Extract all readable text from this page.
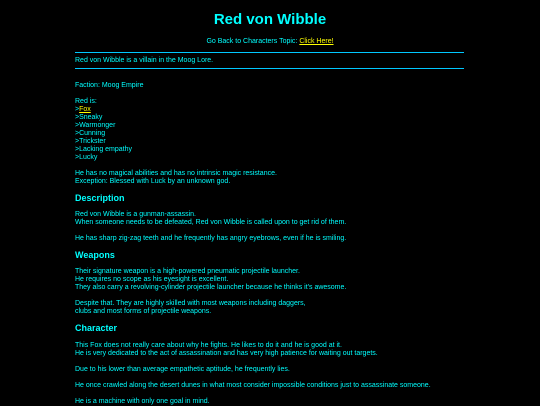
Red von Wibble
Go Back to Characters Topic: Click Here!
Red von Wibble is a villain in the Moog Lore.
Faction: Moog Empire
Red is:
>Fox
>Sneaky
>Warmonger
>Cunning
>Trickster
>Lacking empathy
>Lucky
He has no magical abilities and has no intrinsic magic resistance.
Exception: Blessed with Luck by an unknown god.
Description
Red von Wibble is a gunman-assassin.
When someone needs to be defeated, Red von Wibble is called upon to get rid of them.
He has sharp zig-zag teeth and he frequently has angry eyebrows, even if he is smiling.
Weapons
Their signature weapon is a high-powered pneumatic projectile launcher.
He requires no scope as his eyesight is excellent.
They also carry a revolving-cylinder projectile launcher because he thinks it's awesome.
Despite that. They are highly skilled with most weapons including daggers,
clubs and most forms of projectile weapons.
Character
This Fox does not really care about why he fights. He likes to do it and he is good at it.
He is very dedicated to the act of assassination and has very high patience for waiting out targets.
Due to his lower than average empathetic aptitude, he frequently lies.
He once crawled along the desert dunes in what most consider impossible conditions just to assassinate someone.
He is a machine with only one goal in mind.
